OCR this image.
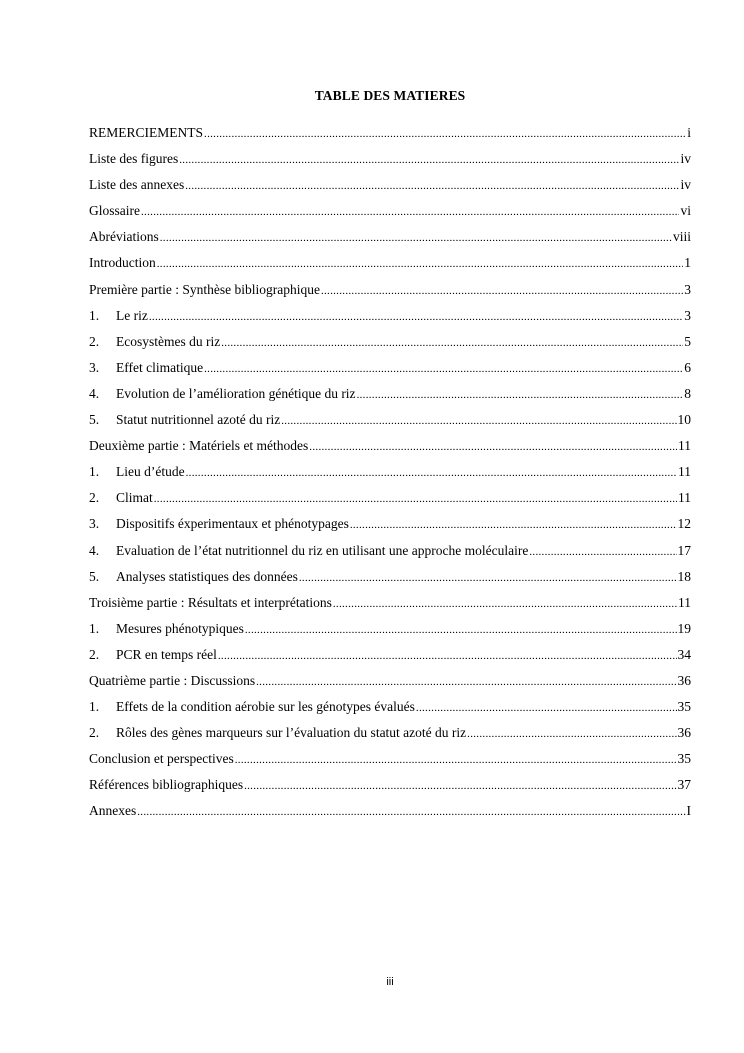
TABLE DES MATIERES
REMERCIEMENTS .....	i
Liste des figures .....	iv
Liste des annexes .....	iv
Glossaire .....	vi
Abréviations .....	viii
Introduction .....	1
Première partie : Synthèse bibliographique .....	3
1.	Le riz .....	3
2.	Ecosystèmes du riz .....	5
3.	Effet climatique .....	6
4.	Evolution de l’amélioration génétique du riz .....	8
5.	Statut nutritionnel azoté du riz .....	10
Deuxième partie : Matériels et méthodes .....	11
1.	Lieu d’étude .....	11
2.	Climat .....	11
3.	Dispositifs éxperimentaux et phénotypages .....	12
4.	Evaluation de l’état nutritionnel du riz en utilisant une approche moléculaire .....	17
5.	Analyses statistiques des données .....	18
Troisième partie : Résultats et interprétations .....	11
1.	Mesures phénotypiques .....	19
2.	PCR en temps réel .....	34
Quatrième partie : Discussions .....	36
1.	Effets de la condition aérobie sur les génotypes évalués .....	35
2.	Rôles des gènes marqueurs sur l’évaluation du statut azoté du riz .....	36
Conclusion et perspectives .....	35
Références bibliographiques .....	37
Annexes .....	I
iii
